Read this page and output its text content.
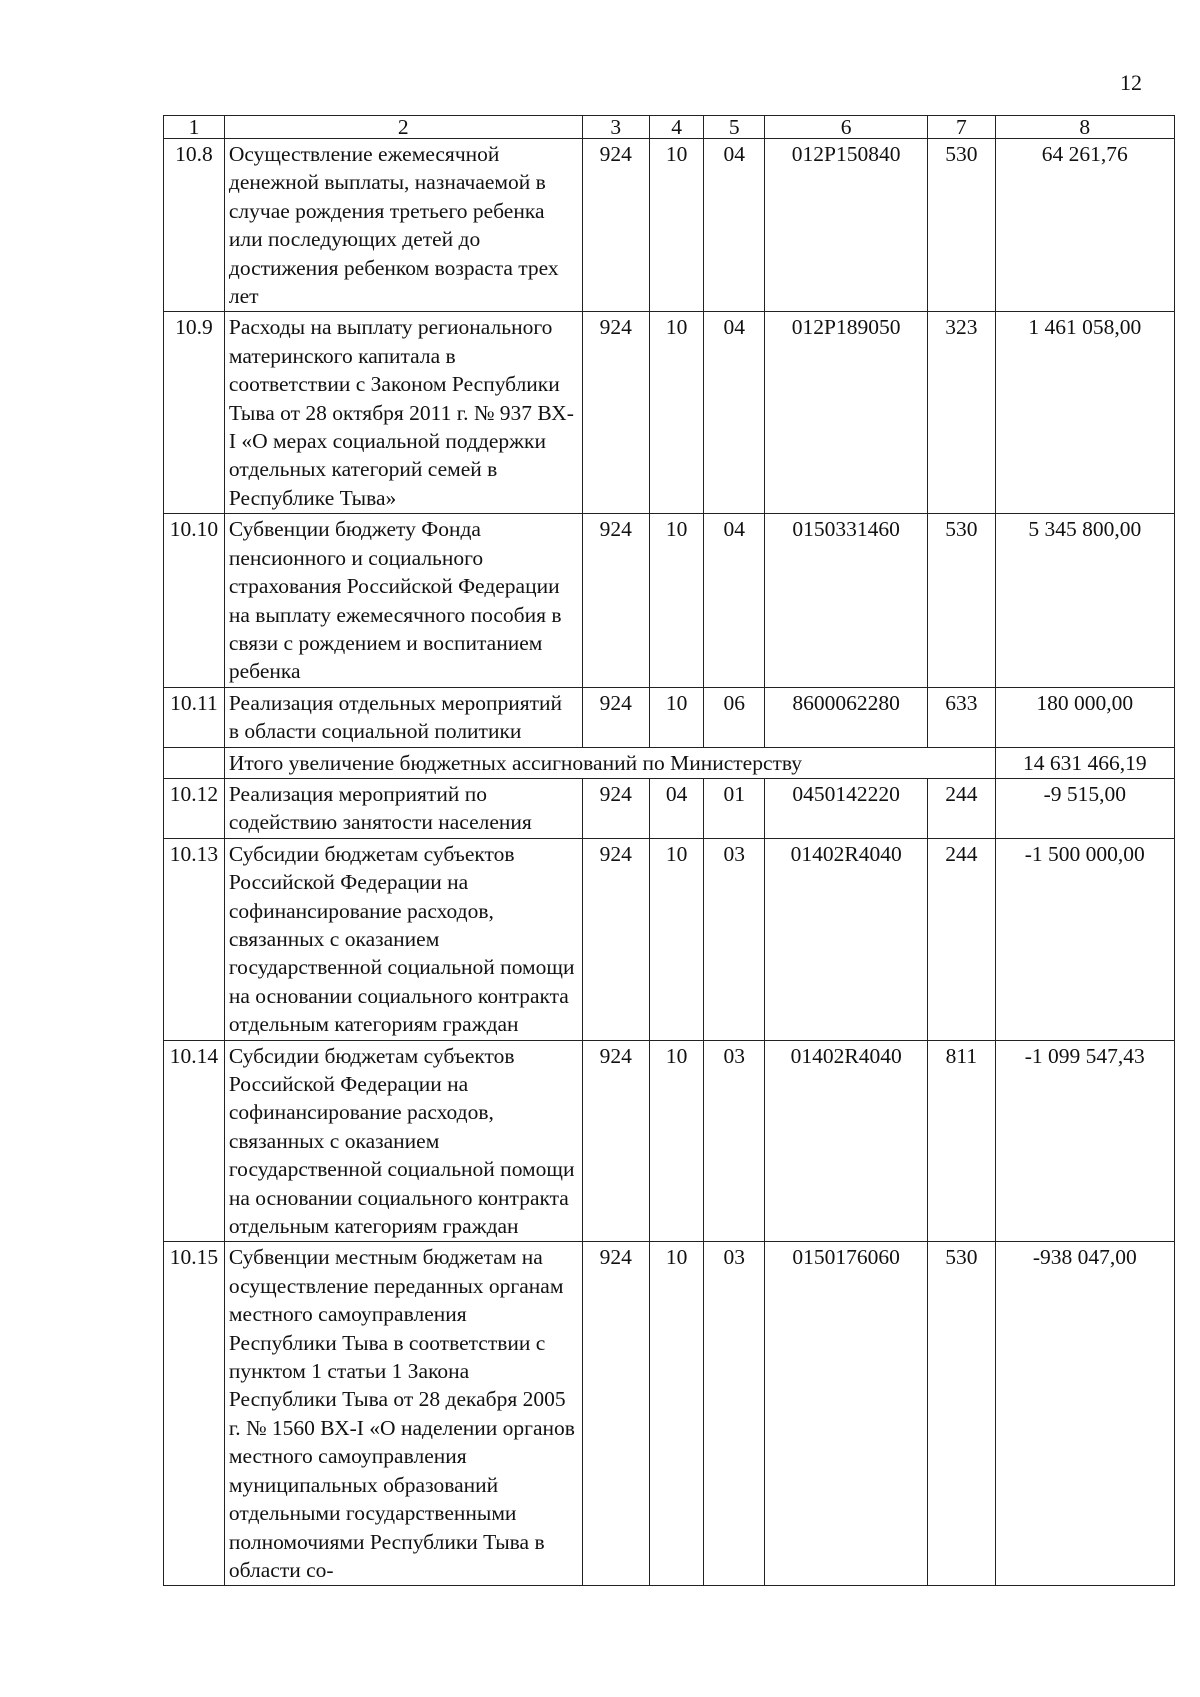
12
1	2	3	4	5	6	7	8
10.8	Осуществление ежемесячной денежной выплаты, назначаемой в случае рождения третьего ребенка или последующих детей до достижения ребенком возраста трех лет	924	10	04	012P150840	530	64 261,76
10.9	Расходы на выплату регионального материнского капитала в соответствии с Законом Республики Тыва от 28 октября 2011 г. № 937 ВХ-I «О мерах социальной поддержки отдельных категорий семей в Республике Тыва»	924	10	04	012P189050	323	1 461 058,00
10.10	Субвенции бюджету Фонда пенсионного и социального страхования Российской Федерации на выплату ежемесячного пособия в связи с рождением и воспитанием ребенка	924	10	04	0150331460	530	5 345 800,00
10.11	Реализация отдельных мероприятий в области социальной политики	924	10	06	8600062280	633	180 000,00
	Итого увеличение бюджетных ассигнований по Министерству						14 631 466,19
10.12	Реализация мероприятий по содействию занятости населения	924	04	01	0450142220	244	-9 515,00
10.13	Субсидии бюджетам субъектов Российской Федерации на софинансирование расходов, связанных с оказанием государственной социальной помощи на основании социального контракта отдельным категориям граждан	924	10	03	01402R4040	244	-1 500 000,00
10.14	Субсидии бюджетам субъектов Российской Федерации на софинансирование расходов, связанных с оказанием государственной социальной помощи на основании социального контракта отдельным категориям граждан	924	10	03	01402R4040	811	-1 099 547,43
10.15	Субвенции местным бюджетам на осуществление переданных органам местного самоуправления Республики Тыва в соответствии с пунктом 1 статьи 1 Закона Республики Тыва от 28 декабря 2005 г. № 1560 ВХ-I «О наделении органов местного самоуправления муниципальных образований отдельными государственными полномочиями Республики Тыва в области со-	924	10	03	0150176060	530	-938 047,00
